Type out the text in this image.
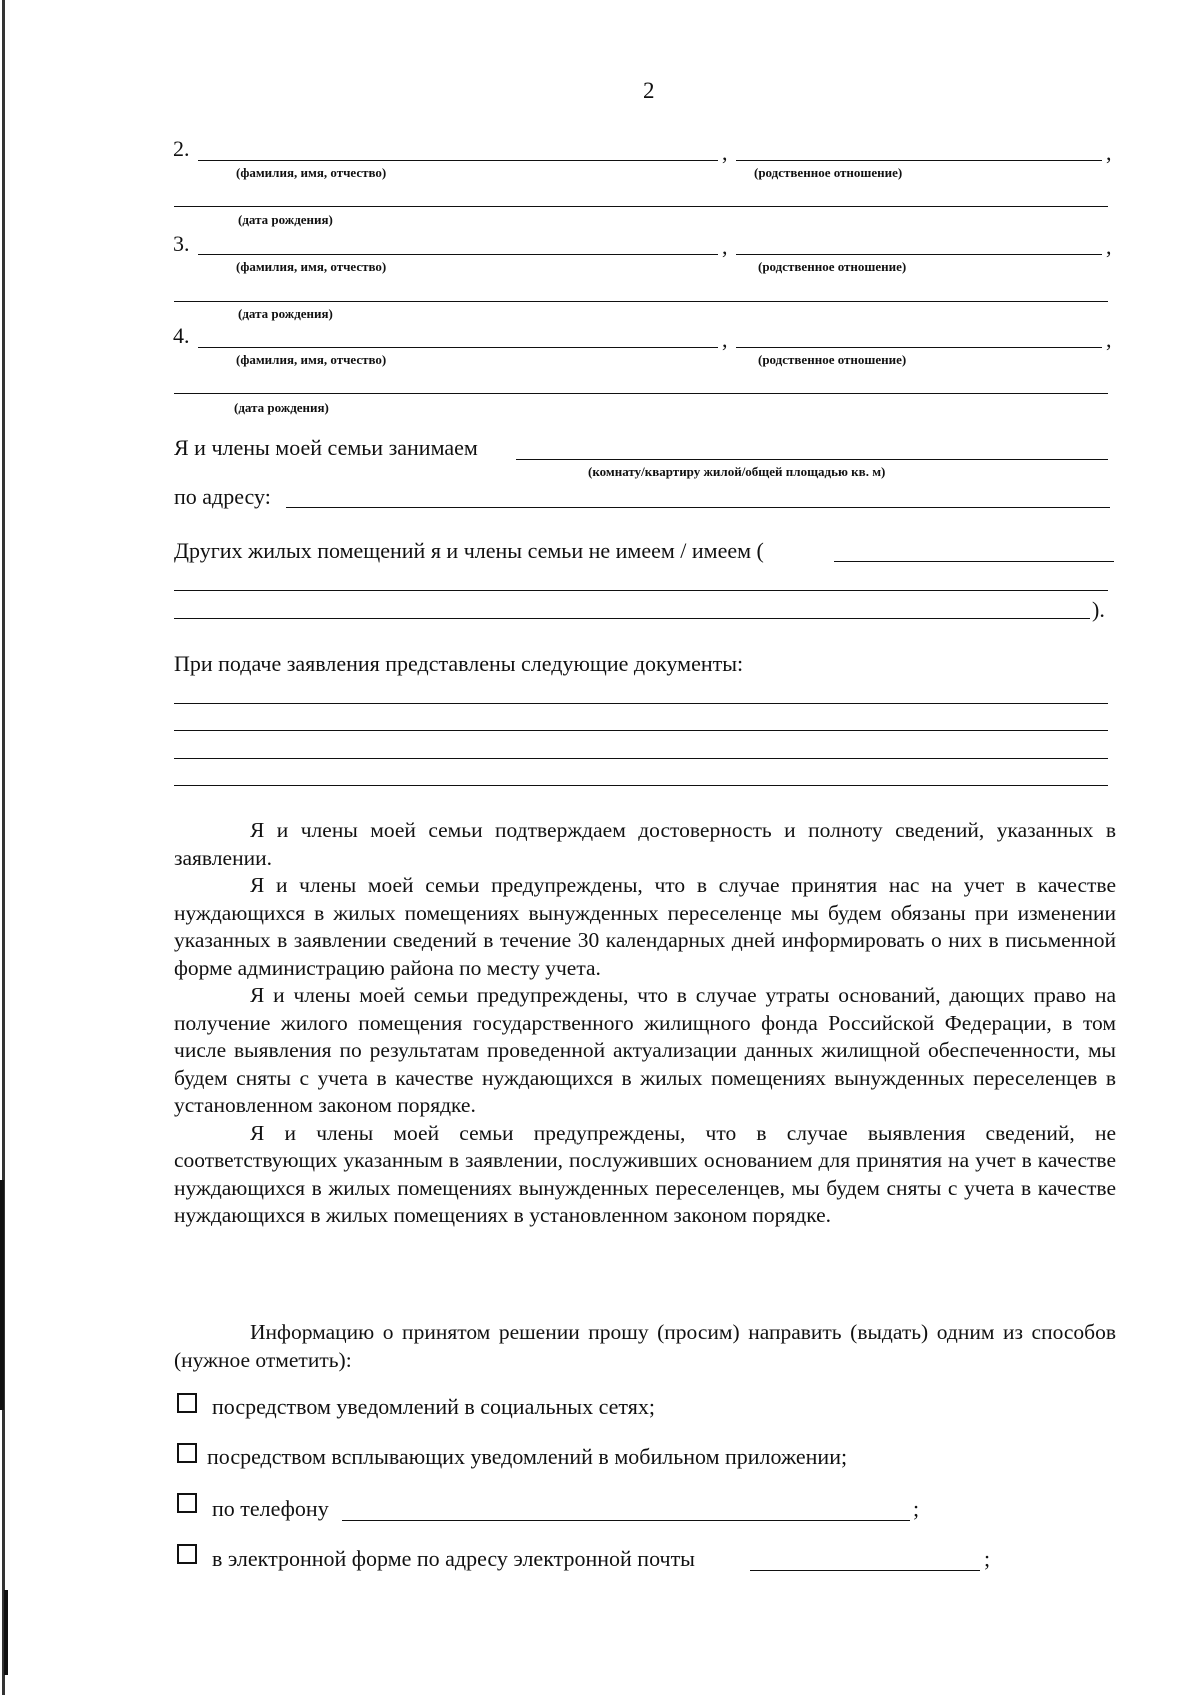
2
2.	,	,
(фамилия, имя, отчество)	(родственное отношение)
(дата рождения)
3.	,	,
(фамилия, имя, отчество)	(родственное отношение)
(дата рождения)
4.	,	,
(фамилия, имя, отчество)	(родственное отношение)
(дата рождения)
Я и члены моей семьи занимаем
(комнату/квартиру жилой/общей площадью кв. м)
по адресу:
Других жилых помещений я и члены семьи не имеем / имеем (
).
При подаче заявления представлены следующие документы:

Я и члены моей семьи подтверждаем достоверность и полноту сведений, указанных в заявлении.

Я и члены моей семьи предупреждены, что в случае принятия нас на учет в качестве нуждающихся в жилых помещениях вынужденных переселенце мы будем обязаны при изменении указанных в заявлении сведений в течение 30 календарных дней информировать о них в письменной форме администрацию района по месту учета.

Я и члены моей семьи предупреждены, что в случае утраты оснований, дающих право на получение жилого помещения государственного жилищного фонда Российской Федерации, в том числе выявления по результатам проведенной актуализации данных жилищной обеспеченности, мы будем сняты с учета в качестве нуждающихся в жилых помещениях вынужденных переселенцев в установленном законом порядке.

Я и члены моей семьи предупреждены, что в случае выявления сведений, не соответствующих указанным в заявлении, послуживших основанием для принятия на учет в качестве нуждающихся в жилых помещениях вынужденных переселенцев, мы будем сняты с учета в качестве нуждающихся в жилых помещениях в установленном законом порядке.

Информацию о принятом решении прошу (просим) направить (выдать) одним из способов (нужное отметить):

посредством уведомлений в социальных сетях;
посредством всплывающих уведомлений в мобильном приложении;
по телефону	;
в электронной форме по адресу электронной почты	;
